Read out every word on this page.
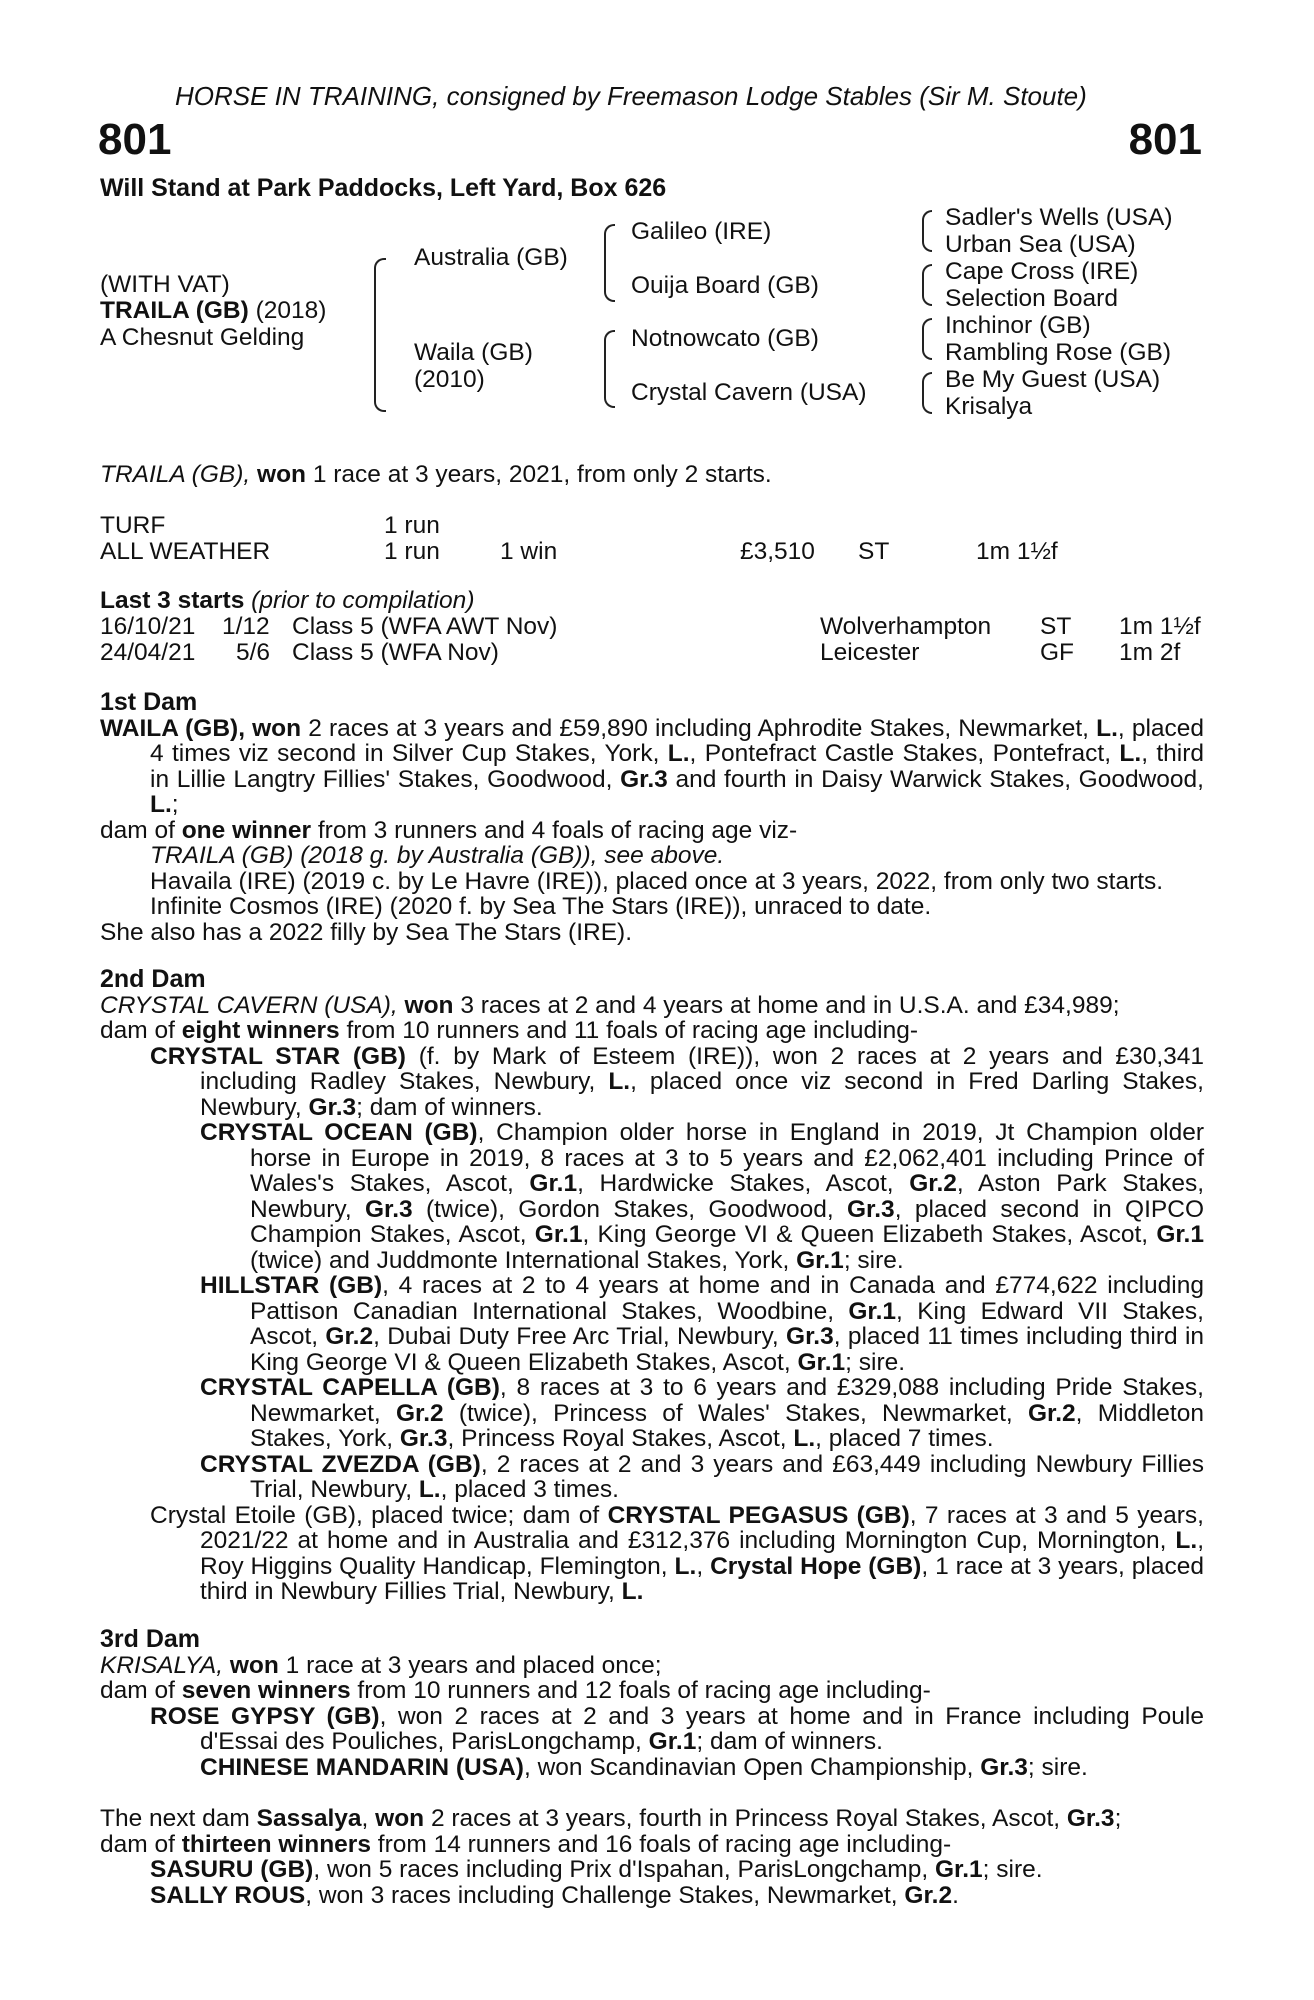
HORSE IN TRAINING, consigned by Freemason Lodge Stables (Sir M. Stoute)
801	801
Will Stand at Park Paddocks, Left Yard, Box 626
(WITH VAT)
TRAILA (GB) (2018)
A Chesnut Gelding
Australia (GB)
Waila (GB)
(2010)
Galileo (IRE)
Ouija Board (GB)
Notnowcato (GB)
Crystal Cavern (USA)
Sadler's Wells (USA)
Urban Sea (USA)
Cape Cross (IRE)
Selection Board
Inchinor (GB)
Rambling Rose (GB)
Be My Guest (USA)
Krisalya
TRAILA (GB), won 1 race at 3 years, 2021, from only 2 starts.
TURF	1 run
ALL WEATHER	1 run 1 win	£3,510 ST	1m 1½f
Last 3 starts (prior to compilation)
16/10/21 1/12 Class 5 (WFA AWT Nov)	Wolverhampton ST 1m 1½f
24/04/21 5/6 Class 5 (WFA Nov)	Leicester	GF 1m 2f

1st Dam

WAILA (GB), won 2 races at 3 years and £59,890 including Aphrodite Stakes, Newmarket, L., placed 4 times viz second in Silver Cup Stakes, York, L., Pontefract Castle Stakes, Pontefract, L., third in Lillie Langtry Fillies' Stakes, Goodwood, Gr.3 and fourth in Daisy Warwick Stakes, Goodwood, L.;

dam of one winner from 3 runners and 4 foals of racing age viz-

TRAILA (GB) (2018 g. by Australia (GB)), see above.

Havaila (IRE) (2019 c. by Le Havre (IRE)), placed once at 3 years, 2022, from only two starts.

Infinite Cosmos (IRE) (2020 f. by Sea The Stars (IRE)), unraced to date.

She also has a 2022 filly by Sea The Stars (IRE).

2nd Dam

CRYSTAL CAVERN (USA), won 3 races at 2 and 4 years at home and in U.S.A. and £34,989;

dam of eight winners from 10 runners and 11 foals of racing age including-

CRYSTAL STAR (GB) (f. by Mark of Esteem (IRE)), won 2 races at 2 years and £30,341 including Radley Stakes, Newbury, L., placed once viz second in Fred Darling Stakes, Newbury, Gr.3; dam of winners.

CRYSTAL OCEAN (GB), Champion older horse in England in 2019, Jt Champion older horse in Europe in 2019, 8 races at 3 to 5 years and £2,062,401 including Prince of Wales's Stakes, Ascot, Gr.1, Hardwicke Stakes, Ascot, Gr.2, Aston Park Stakes, Newbury, Gr.3 (twice), Gordon Stakes, Goodwood, Gr.3, placed second in QIPCO Champion Stakes, Ascot, Gr.1, King George VI & Queen Elizabeth Stakes, Ascot, Gr.1 (twice) and Juddmonte International Stakes, York, Gr.1; sire.

HILLSTAR (GB), 4 races at 2 to 4 years at home and in Canada and £774,622 including Pattison Canadian International Stakes, Woodbine, Gr.1, King Edward VII Stakes, Ascot, Gr.2, Dubai Duty Free Arc Trial, Newbury, Gr.3, placed 11 times including third in King George VI & Queen Elizabeth Stakes, Ascot, Gr.1; sire.

CRYSTAL CAPELLA (GB), 8 races at 3 to 6 years and £329,088 including Pride Stakes, Newmarket, Gr.2 (twice), Princess of Wales' Stakes, Newmarket, Gr.2, Middleton Stakes, York, Gr.3, Princess Royal Stakes, Ascot, L., placed 7 times.

CRYSTAL ZVEZDA (GB), 2 races at 2 and 3 years and £63,449 including Newbury Fillies Trial, Newbury, L., placed 3 times.

Crystal Etoile (GB), placed twice; dam of CRYSTAL PEGASUS (GB), 7 races at 3 and 5 years, 2021/22 at home and in Australia and £312,376 including Mornington Cup, Mornington, L., Roy Higgins Quality Handicap, Flemington, L., Crystal Hope (GB), 1 race at 3 years, placed third in Newbury Fillies Trial, Newbury, L.

3rd Dam

KRISALYA, won 1 race at 3 years and placed once;

dam of seven winners from 10 runners and 12 foals of racing age including-

ROSE GYPSY (GB), won 2 races at 2 and 3 years at home and in France including Poule d'Essai des Pouliches, ParisLongchamp, Gr.1; dam of winners.

CHINESE MANDARIN (USA), won Scandinavian Open Championship, Gr.3; sire.

The next dam Sassalya, won 2 races at 3 years, fourth in Princess Royal Stakes, Ascot, Gr.3;

dam of thirteen winners from 14 runners and 16 foals of racing age including-

SASURU (GB), won 5 races including Prix d'Ispahan, ParisLongchamp, Gr.1; sire.

SALLY ROUS, won 3 races including Challenge Stakes, Newmarket, Gr.2.
